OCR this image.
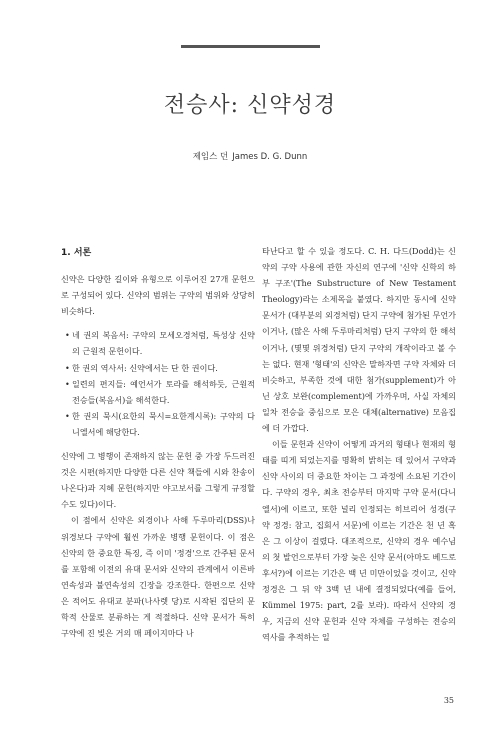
전승사: 신약성경
제임스 던 James D. G. Dunn
1. 서론

신약은 다양한 길이와 유형으로 이루어진 27개 문헌으로 구성되어 있다. 신약의 범위는 구약의 범위와 상당히 비슷하다.

• 네 권의 복음서: 구약의 모세오경처럼, 특성상 신약의 근원적 문헌이다.
• 한 권의 역사서: 신약에서는 단 한 권이다.
• 일련의 편지들: 예언서가 토라를 해석하듯, 근원적 전승들(복음서)을 해석한다.
• 한 권의 묵시(요한의 묵시=요한계시록): 구약의 다니엘서에 해당한다.

신약에 그 병행이 존재하지 않는 문헌 중 가장 두드러진 것은 시편(하지만 다양한 다른 신약 책들에 시와 찬송이 나온다)과 지혜 문헌(하지만 야고보서를 그렇게 규정할 수도 있다)이다.

이 점에서 신약은 외경이나 사해 두루마리(DSS)나 위경보다 구약에 훨씬 가까운 병행 문헌이다. 이 점은 신약의 한 중요한 특징, 즉 이미 '정경'으로 간주된 문서를 포함해 이전의 유대 문서와 신약의 관계에서 이른바 연속성과 불연속성의 긴장을 강조한다. 한편으로 신약은 적어도 유대교 분파(나사렛 당)로 시작된 집단의 문학적 산물로 분류하는 게 적절하다. 신약 문서가 특히 구약에 진 빚은 거의 매 페이지마다 나

타난다고 할 수 있을 정도다. C. H. 다드(Dodd)는 신약의 구약 사용에 관한 자신의 연구에 '신약 신학의 하부 구조'(The Substructure of New Testament Theology)라는 소제목을 붙였다. 하지만 동시에 신약 문서가 (대부분의 외경처럼) 단지 구약에 첨가된 무언가이거나, (많은 사해 두루마리처럼) 단지 구약의 한 해석이거나, (몇몇 위경처럼) 단지 구약의 개작이라고 볼 수는 없다. 현재 '형태'의 신약은 말하자면 구약 자체와 더 비슷하고, 부족한 것에 대한 첨가(supplement)가 아닌 상호 보완(complement)에 가까우며, 사실 자체의 일차 전승을 중심으로 모은 대체(alternative) 모음집에 더 가깝다.

이들 문헌과 신약이 어떻게 과거의 형태나 현재의 형태를 띠게 되었는지를 명확히 밝히는 데 있어서 구약과 신약 사이의 더 중요한 차이는 그 과정에 소요된 기간이다. 구약의 경우, 최초 전승부터 마지막 구약 문서(다니엘서)에 이르고, 또한 널리 인정되는 히브리어 성경(구약 정경: 참고, 집회서 서문)에 이르는 기간은 천 년 혹은 그 이상이 걸렸다. 대조적으로, 신약의 경우 예수님의 첫 발언으로부터 가장 늦은 신약 문서(아마도 베드로후서?)에 이르는 기간은 백 년 미만이었을 것이고, 신약 정경은 그 뒤 약 3백 년 내에 결정되었다(예를 들어, Kümmel 1975: part, 2를 보라). 따라서 신약의 경우, 지금의 신약 문헌과 신약 자체를 구성하는 전승의 역사를 추적하는 일

35
